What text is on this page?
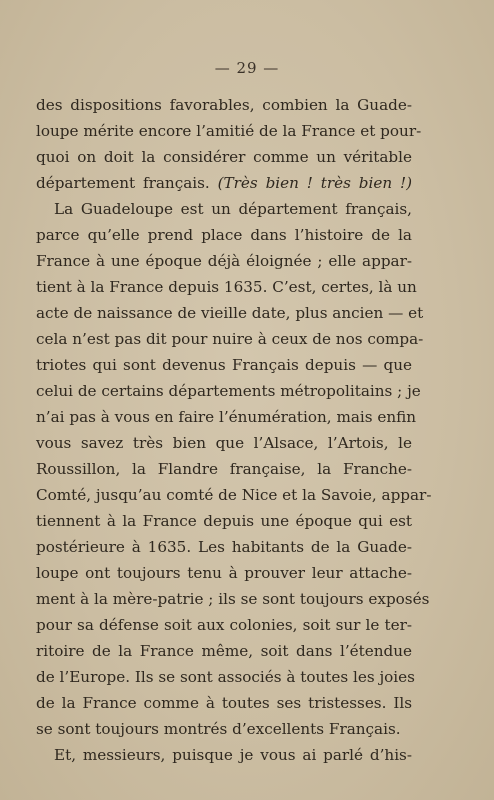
— 29 —
des dispositions favorables, combien la Guade-
loupe mérite encore l’amitié de la France et pour-
quoi on doit la considérer comme un véritable
département français. (Très bien ! très bien !)
La Guadeloupe est un département français,
parce qu’elle prend place dans l’histoire de la
France à une époque déjà éloignée ; elle appar-
tient à la France depuis 1635. C’est, certes, là un
acte de naissance de vieille date, plus ancien — et
cela n’est pas dit pour nuire à ceux de nos compa-
triotes qui sont devenus Français depuis — que
celui de certains départements métropolitains ; je
n’ai pas à vous en faire l’énumération, mais enfin
vous savez très bien que l’Alsace, l’Artois, le
Roussillon, la Flandre française, la Franche-
Comté, jusqu’au comté de Nice et la Savoie, appar-
tiennent à la France depuis une époque qui est
postérieure à 1635. Les habitants de la Guade-
loupe ont toujours tenu à prouver leur attache-
ment à la mère-patrie ; ils se sont toujours exposés
pour sa défense soit aux colonies, soit sur le ter-
ritoire de la France même, soit dans l’étendue
de l’Europe. Ils se sont associés à toutes les joies
de la France comme à toutes ses tristesses. Ils
se sont toujours montrés d’excellents Français.
Et, messieurs, puisque je vous ai parlé d’his-
